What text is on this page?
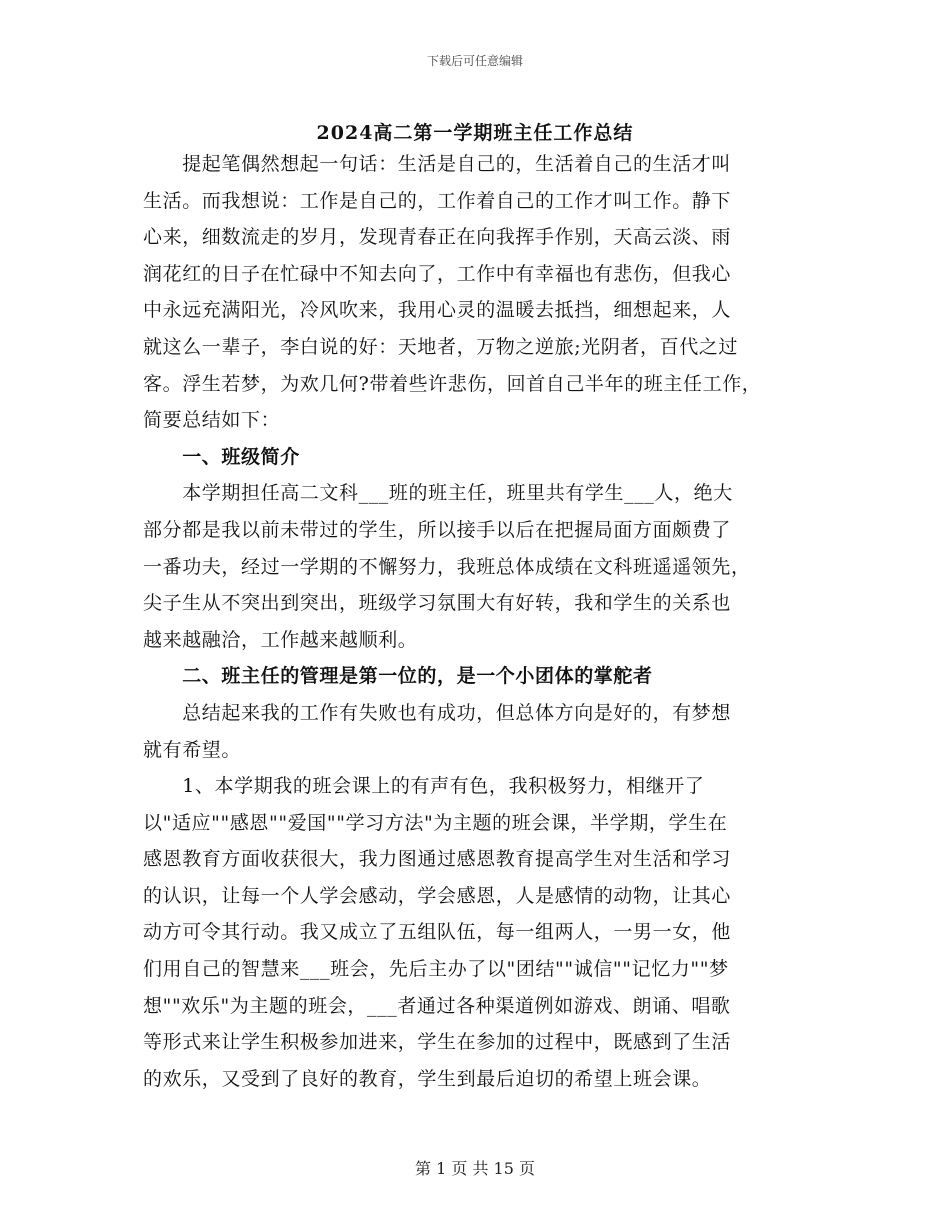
下载后可任意编辑
2024高二第一学期班主任工作总结
　　提起笔偶然想起一句话：生活是自己的，生活着自己的生活才叫
生活。而我想说：工作是自己的，工作着自己的工作才叫工作。静下
心来，细数流走的岁月，发现青春正在向我挥手作别，天高云淡、雨
润花红的日子在忙碌中不知去向了，工作中有幸福也有悲伤，但我心
中永远充满阳光，冷风吹来，我用心灵的温暖去抵挡，细想起来，人
就这么一辈子，李白说的好：天地者，万物之逆旅;光阴者，百代之过
客。浮生若梦，为欢几何?带着些许悲伤，回首自己半年的班主任工作，
简要总结如下：
　　一、班级简介
　　本学期担任高二文科___班的班主任，班里共有学生___人，绝大
部分都是我以前未带过的学生，所以接手以后在把握局面方面颇费了
一番功夫，经过一学期的不懈努力，我班总体成绩在文科班遥遥领先，
尖子生从不突出到突出，班级学习氛围大有好转，我和学生的关系也
越来越融洽，工作越来越顺利。
　　二、班主任的管理是第一位的，是一个小团体的掌舵者
　　总结起来我的工作有失败也有成功，但总体方向是好的，有梦想
就有希望。
　　1、本学期我的班会课上的有声有色，我积极努力，相继开了
以"适应""感恩""爱国""学习方法"为主题的班会课，半学期，学生在
感恩教育方面收获很大，我力图通过感恩教育提高学生对生活和学习
的认识，让每一个人学会感动，学会感恩，人是感情的动物，让其心
动方可令其行动。我又成立了五组队伍，每一组两人，一男一女，他
们用自己的智慧来___班会，先后主办了以"团结""诚信""记忆力""梦
想""欢乐"为主题的班会，___者通过各种渠道例如游戏、朗诵、唱歌
等形式来让学生积极参加进来，学生在参加的过程中，既感到了生活
的欢乐，又受到了良好的教育，学生到最后迫切的希望上班会课。
第 1 页 共 15 页
